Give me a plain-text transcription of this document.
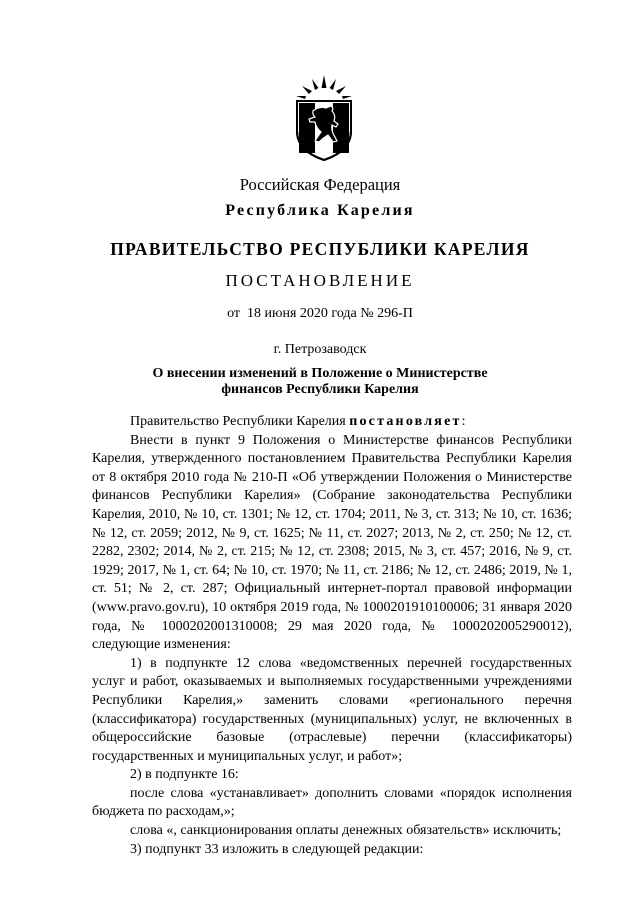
Российская Федерация
Республика Карелия
ПРАВИТЕЛЬСТВО РЕСПУБЛИКИ КАРЕЛИЯ
ПОСТАНОВЛЕНИЕ
от  18 июня 2020 года № 296-П
г. Петрозаводск
О внесении изменений в Положение о Министерстве
финансов Республики Карелия

Правительство Республики Карелия постановляет:

Внести в пункт 9 Положения о Министерстве финансов Республики Карелия, утвержденного постановлением Правительства Республики Карелия от 8 октября 2010 года № 210-П «Об утверждении Положения о Министерстве финансов Республики Карелия» (Собрание законодательства Республики Карелия, 2010, № 10, ст. 1301; № 12, ст. 1704; 2011, № 3, ст. 313; № 10, ст. 1636; № 12, ст. 2059; 2012, № 9, ст. 1625; № 11, ст. 2027; 2013, № 2, ст. 250; № 12, ст. 2282, 2302; 2014, № 2, ст. 215; № 12, ст. 2308; 2015, № 3, ст. 457; 2016, № 9, ст. 1929; 2017, № 1, ст. 64; № 10, ст. 1970; № 11, ст. 2186; № 12, ст. 2486; 2019, № 1, ст. 51; № 2, ст. 287; Официальный интернет-портал правовой информации (www.pravo.gov.ru), 10 октября 2019 года, № 1000201910100006; 31 января 2020 года, № 1000202001310008; 29 мая 2020 года, № 1000202005290012), следующие изменения:

1) в подпункте 12 слова «ведомственных перечней государственных услуг и работ, оказываемых и выполняемых государственными учреждениями Республики Карелия,» заменить словами «регионального перечня (классификатора) государственных (муниципальных) услуг, не включенных в общероссийские базовые (отраслевые) перечни (классификаторы) государственных и муниципальных услуг, и работ»;

2) в подпункте 16:

после слова «устанавливает» дополнить словами «порядок исполнения бюджета по расходам,»;

слова «, санкционирования оплаты денежных обязательств» исключить;

3) подпункт 33 изложить в следующей редакции:
